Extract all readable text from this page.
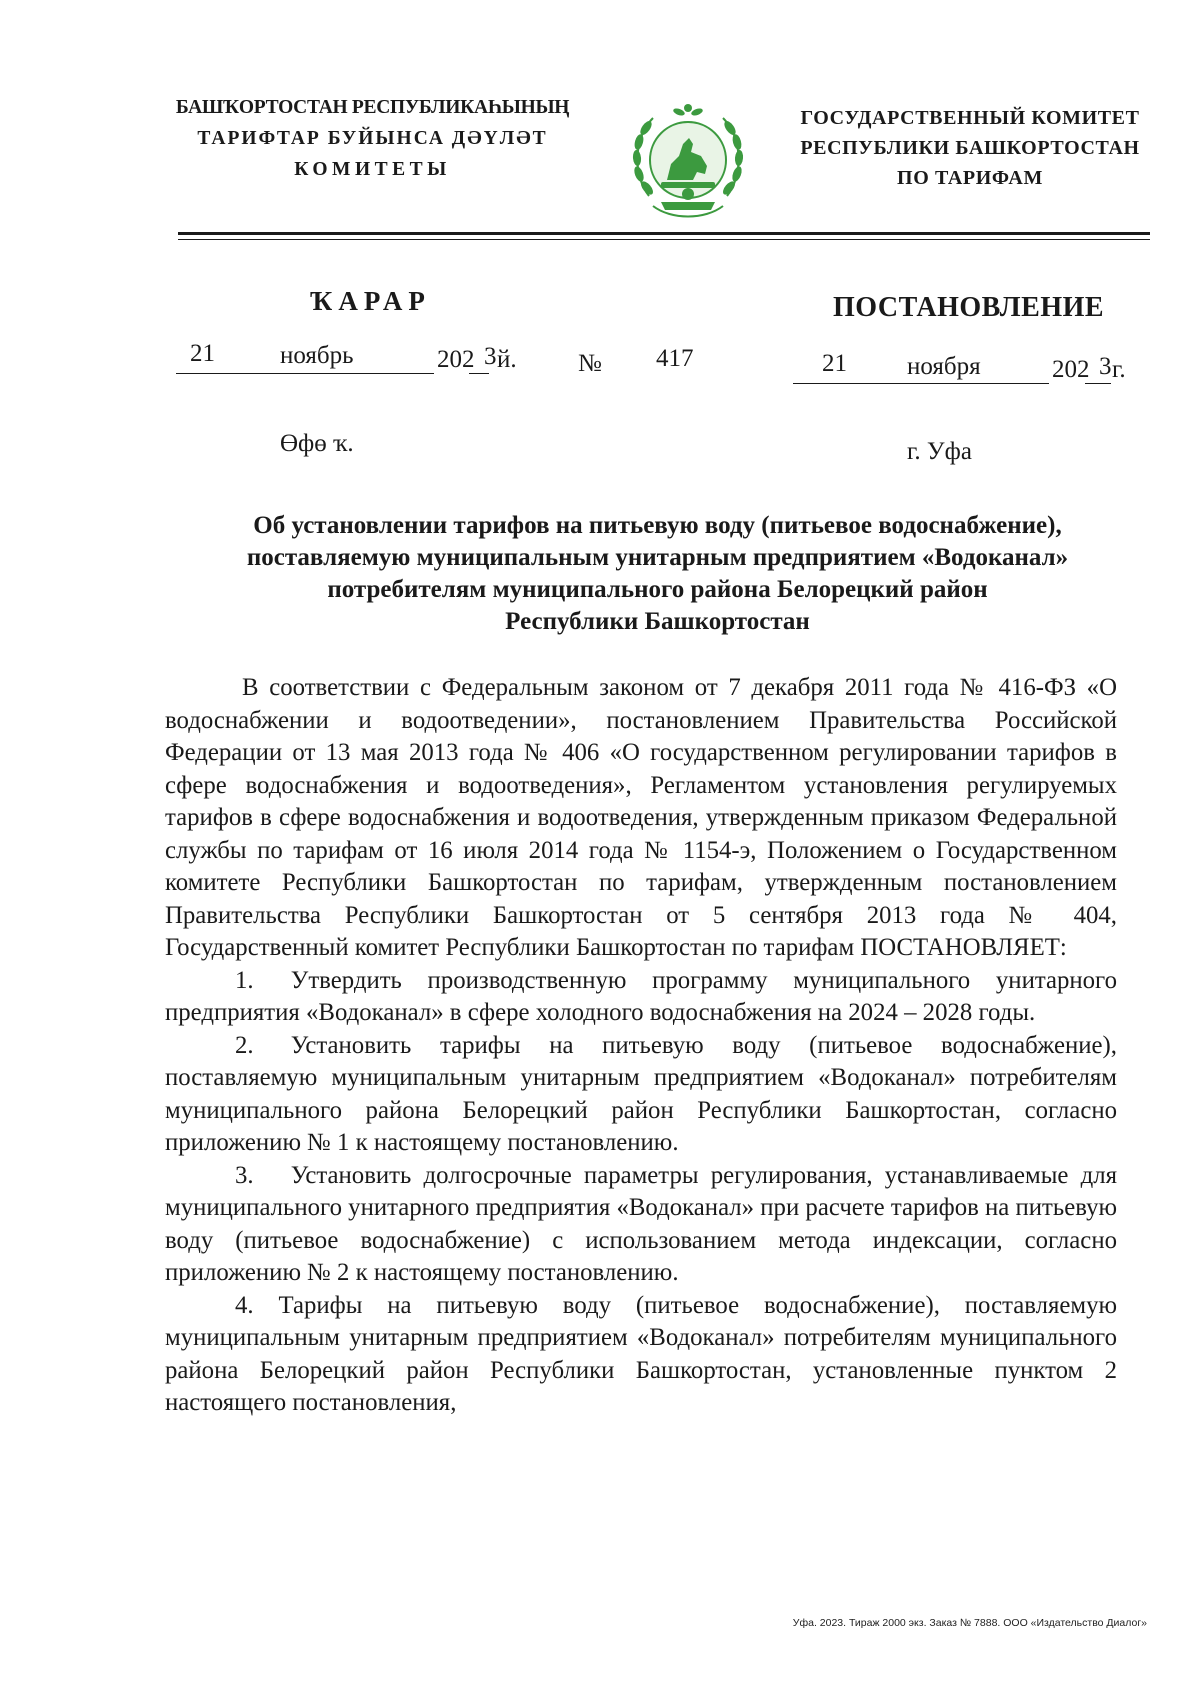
БАШҠОРТОСТАН РЕСПУБЛИКАҺЫНЫҢ
ТАРИФТАР БУЙЫНСА ДӘҮЛӘТ
КОМИТЕТЫ
ГОСУДАРСТВЕННЫЙ КОМИТЕТ
РЕСПУБЛИКИ БАШКОРТОСТАН
ПО ТАРИФАМ
ҠАРАР	ПОСТАНОВЛЕНИЕ
21	ноябрь	202 3 й. № 417	21 ноября	202 3 г.
Өфө ҡ.	г. Уфа
Об установлении тарифов на питьевую воду (питьевое водоснабжение),
поставляемую муниципальным унитарным предприятием «Водоканал»
потребителям муниципального района Белорецкий район
Республики Башкортостан

В соответствии с Федеральным законом от 7 декабря 2011 года № 416-ФЗ «О водоснабжении и водоотведении», постановлением Правительства Российской Федерации от 13 мая 2013 года № 406 «О государственном регулировании тарифов в сфере водоснабжения и водоотведения», Регламентом установления регулируемых тарифов в сфере водоснабжения и водоотведения, утвержденным приказом Федеральной службы по тарифам от 16 июля 2014 года № 1154-э, Положением о Государственном комитете Республики Башкортостан по тарифам, утвержденным постановлением Правительства Республики Башкортостан от 5 сентября 2013 года № 404, Государственный комитет Республики Башкортостан по тарифам ПОСТАНОВЛЯЕТ:

1.  Утвердить производственную программу муниципального унитарного предприятия «Водоканал» в сфере холодного водоснабжения на 2024 – 2028 годы.

2.  Установить тарифы на питьевую воду (питьевое водоснабжение), поставляемую муниципальным унитарным предприятием «Водоканал» потребителям муниципального района Белорецкий район Республики Башкортостан, согласно приложению № 1 к настоящему постановлению.

3.  Установить долгосрочные параметры регулирования, устанавливаемые для муниципального унитарного предприятия «Водоканал» при расчете тарифов на питьевую воду (питьевое водоснабжение) с использованием метода индексации, согласно приложению № 2 к настоящему постановлению.

4. Тарифы на питьевую воду (питьевое водоснабжение), поставляемую муниципальным унитарным предприятием «Водоканал» потребителям муниципального района Белорецкий район Республики Башкортостан, установленные пунктом 2 настоящего постановления,

Уфа. 2023. Тираж 2000 экз. Заказ № 7888. ООО «Издательство Диалог»
